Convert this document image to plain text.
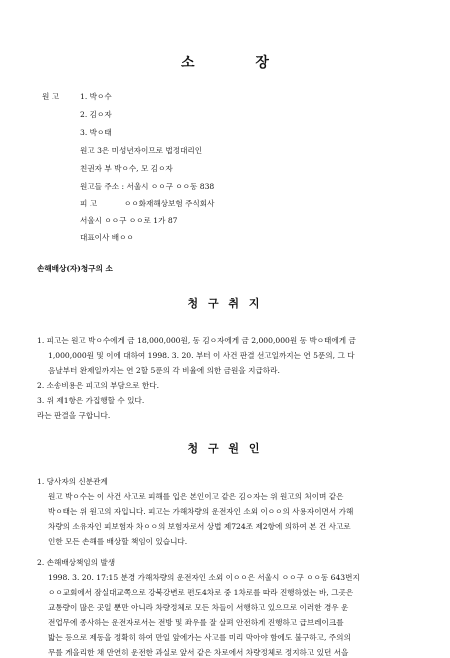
소 장
원 고	1. 박ㅇ수
2. 김ㅇ자
3. 박ㅇ태
원고 3은 미성년자이므로 법정대리인
친권자 부 박ㅇ수, 모 김ㅇ자
원고들 주소 : 서울시 ㅇㅇ구 ㅇㅇ동 838
피 고	ㅇㅇ화재해상보험 주식회사
서울시 ㅇㅇ구 ㅇㅇ로 1가 87
대표이사 배ㅇㅇ
손해배상(자)청구의 소
청 구 취 지
1. 피고는 원고 박ㅇ수에게 금 18,000,000원, 동 김ㅇ자에게 금 2,000,000원 동 박ㅇ태에게 금
1,000,000원 및 이에 대하여 1998. 3. 20. 부터 이 사건 판결 선고일까지는 연 5푼의, 그 다
음날부터 완제일까지는 연 2할 5푼의 각 비율에 의한 금원을 지급하라.
2. 소송비용은 피고의 부담으로 한다.
3. 위 제1항은 가집행할 수 있다.
라는 판결을 구합니다.
청 구 원 인
1. 당사자의 신분관계
원고 박ㅇ수는 이 사건 사고로 피해를 입은 본인이고 같은 김ㅇ자는 위 원고의 처이며 같은
박ㅇ태는 위 원고의 자입니다. 피고는 가해차량의 운전자인 소외 이ㅇㅇ의 사용자이면서 가해
차량의 소유자인 피보험자 차ㅇㅇ의 보험자로서 상법 제724조 제2항에 의하여 본 건 사고로
인한 모든 손해를 배상할 책임이 있습니다.
2. 손해배상책임의 발생
1998. 3. 20. 17:15 분경 가해차량의 운전자인 소외 이ㅇㅇ은 서울시 ㅇㅇ구 ㅇㅇ동 643번지
ㅇㅇ교회에서 잠실대교쪽으로 강북강변로 편도4차로 중 1차로를 따라 진행하였는 바, 그곳은
교통량이 많은 곳일 뿐만 아니라 차량정체로 모든 차들이 서행하고 있으므로 이러한 경우 운
전업무에 종사하는 운전자로서는 전방 및 좌우를 잘 살펴 안전하게 진행하고 급브레이크를
밟는 등으로 제동을 정확히 하여 만일 앞에가는 사고를 미리 막아야 함에도 불구하고, 주의의
무를 게을리한 채 만연히 운전한 과실로 앞서 같은 차로에서 차량정체로 정지하고 있던 서을
